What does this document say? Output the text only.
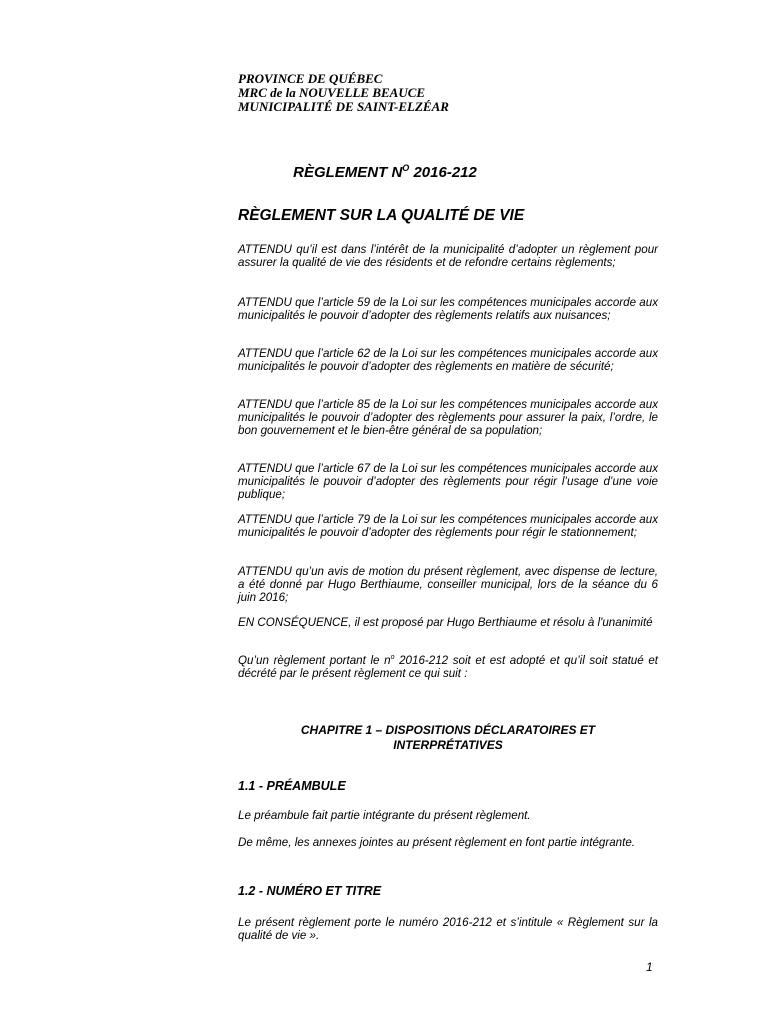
PROVINCE DE QUÉBEC
MRC de la NOUVELLE BEAUCE
MUNICIPALITÉ DE SAINT-ELZÉAR
RÈGLEMENT $N^O$ 2016-212
RÈGLEMENT SUR LA QUALITÉ DE VIE

ATTENDU qu’il est dans l’intérêt de la municipalité d’adopter un règlement pour assurer la qualité de vie des résidents et de refondre certains règlements;

ATTENDU que l’article 59 de la Loi sur les compétences municipales accorde aux municipalités le pouvoir d’adopter des règlements relatifs aux nuisances;

ATTENDU que l’article 62 de la Loi sur les compétences municipales accorde aux municipalités le pouvoir d’adopter des règlements en matière de sécurité;

ATTENDU que l’article 85 de la Loi sur les compétences municipales accorde aux municipalités le pouvoir d’adopter des règlements pour assurer la paix, l’ordre, le bon gouvernement et le bien-être général de sa population;

ATTENDU que l’article 67 de la Loi sur les compétences municipales accorde aux municipalités le pouvoir d’adopter des règlements pour régir l’usage d’une voie publique;

ATTENDU que l’article 79 de la Loi sur les compétences municipales accorde aux municipalités le pouvoir d’adopter des règlements pour régir le stationnement;

ATTENDU qu’un avis de motion du présent règlement, avec dispense de lecture, a été donné par Hugo Berthiaume, conseiller municipal, lors de la séance du 6 juin 2016;

EN CONSÉQUENCE, il est proposé par Hugo Berthiaume et résolu à l'unanimité

Qu’un règlement portant le $n^o$ 2016-212 soit et est adopté et qu’il soit statué et décrété par le présent règlement ce qui suit :

CHAPITRE 1 – DISPOSITIONS DÉCLARATOIRES ET
INTERPRÉTATIVES
1.1 - PRÉAMBULE

Le préambule fait partie intégrante du présent règlement.

De même, les annexes jointes au présent règlement en font partie intégrante.

1.2 - NUMÉRO ET TITRE

Le présent règlement porte le numéro 2016-212 et s’intitule « Règlement sur la qualité de vie ».

1
